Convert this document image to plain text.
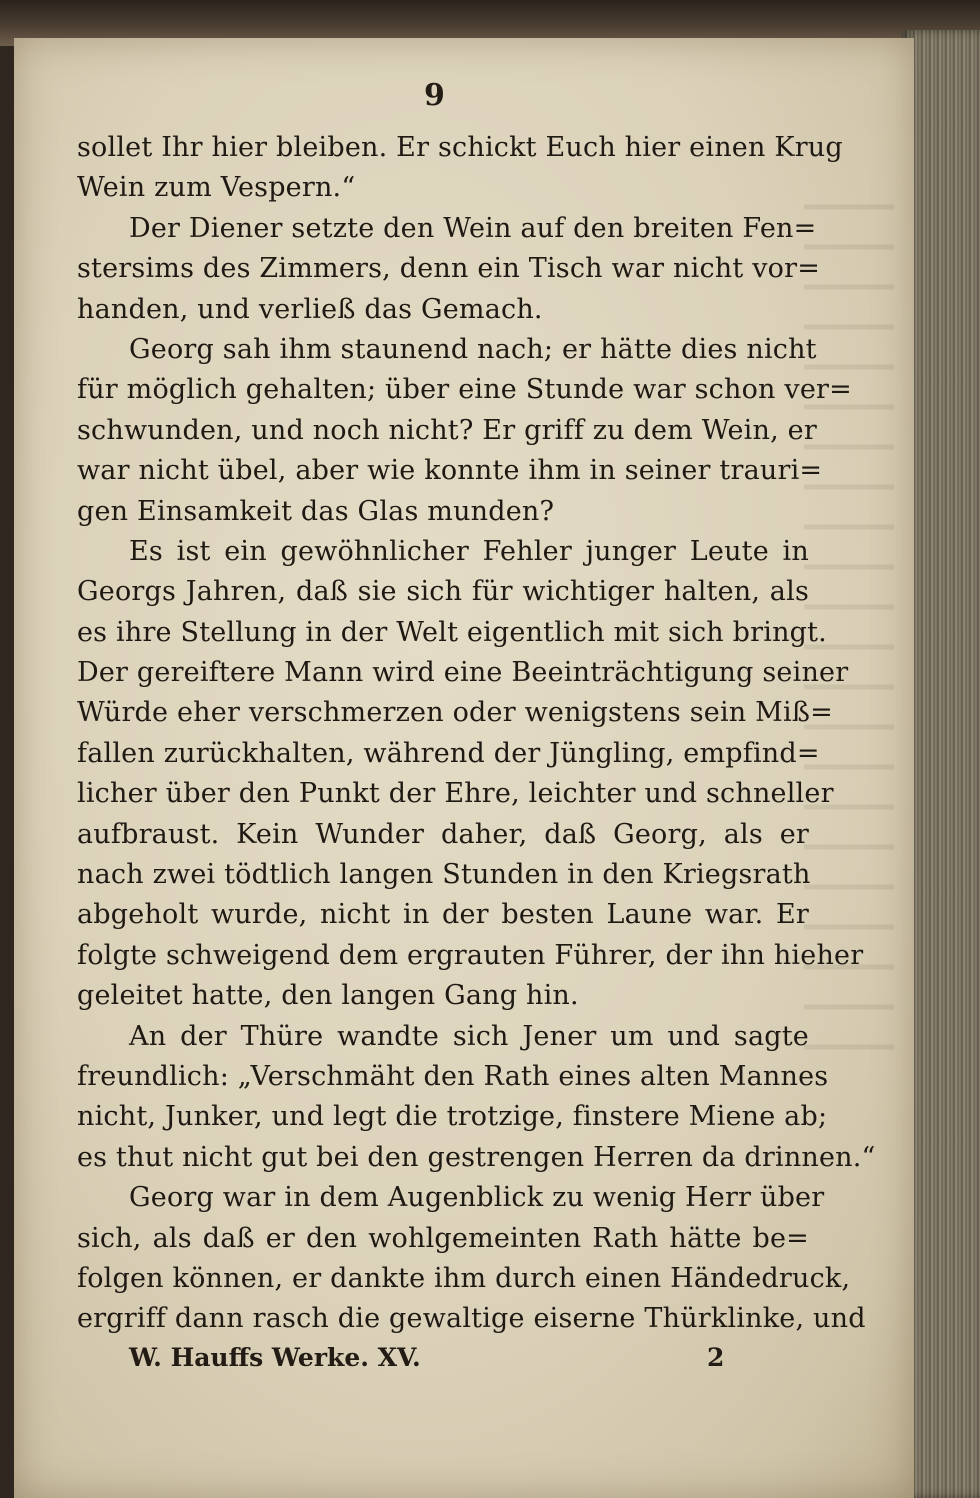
9
sollet Ihr hier bleiben. Er schickt Euch hier einen Krug
Wein zum Vespern.“
Der Diener setzte den Wein auf den breiten Fen=
stersims des Zimmers, denn ein Tisch war nicht vor=
handen, und verließ das Gemach.
Georg sah ihm staunend nach; er hätte dies nicht
für möglich gehalten; über eine Stunde war schon ver=
schwunden, und noch nicht? Er griff zu dem Wein, er
war nicht übel, aber wie konnte ihm in seiner trauri=
gen Einsamkeit das Glas munden?
Es ist ein gewöhnlicher Fehler junger Leute in
Georgs Jahren, daß sie sich für wichtiger halten, als
es ihre Stellung in der Welt eigentlich mit sich bringt.
Der gereiftere Mann wird eine Beeinträchtigung seiner
Würde eher verschmerzen oder wenigstens sein Miß=
fallen zurückhalten, während der Jüngling, empfind=
licher über den Punkt der Ehre, leichter und schneller
aufbraust. Kein Wunder daher, daß Georg, als er
nach zwei tödtlich langen Stunden in den Kriegsrath
abgeholt wurde, nicht in der besten Laune war. Er
folgte schweigend dem ergrauten Führer, der ihn hieher
geleitet hatte, den langen Gang hin.
An der Thüre wandte sich Jener um und sagte
freundlich: „Verschmäht den Rath eines alten Mannes
nicht, Junker, und legt die trotzige, finstere Miene ab;
es thut nicht gut bei den gestrengen Herren da drinnen.“
Georg war in dem Augenblick zu wenig Herr über
sich, als daß er den wohlgemeinten Rath hätte be=
folgen können, er dankte ihm durch einen Händedruck,
ergriff dann rasch die gewaltige eiserne Thürklinke, und
W. Hauffs Werke. XV.	2
